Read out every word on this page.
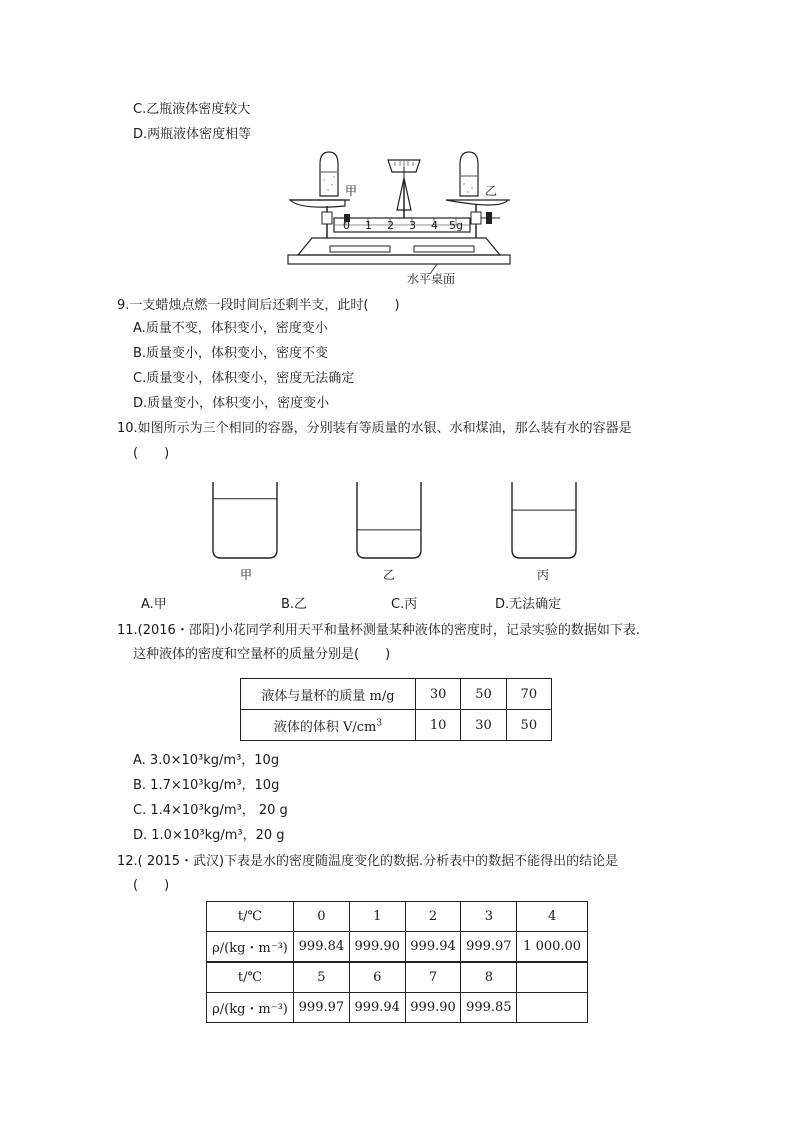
C.乙瓶液体密度较大
D.两瓶液体密度相等
甲	乙
0 1 2 3 4 5g
水平桌面
9.一支蜡烛点燃一段时间后还剩半支，此时(　　)
A.质量不变，体积变小，密度变小
B.质量变小，体积变小，密度不变
C.质量变小，体积变小，密度无法确定
D.质量变小，体积变小，密度变小
10.如图所示为三个相同的容器，分别装有等质量的水银、水和煤油，那么装有水的容器是
(　　)
甲	乙	丙
A.甲	B.乙	C.丙	D.无法确定
11.(2016・邵阳)小花同学利用天平和量杯测量某种液体的密度时，记录实验的数据如下表.
这种液体的密度和空量杯的质量分别是(　　)
液体与量杯的质量 m/g	30	50	70
液体的体积 $V/cm^3$	10	30	50
A. 3.0×10³kg/m³，10g
B. 1.7×10³kg/m³，10g
C. 1.4×10³kg/m³， 20 g
D. 1.0×10³kg/m³，20 g
12.( 2015・武汉)下表是水的密度随温度变化的数据.分析表中的数据不能得出的结论是
(　　)
t/℃	0	1	2	3	4
ρ/(kg・m⁻³)	999.84	999.90	999.94	999.97	1 000.00
t/℃	5	6	7	8	
ρ/(kg・m⁻³)	999.97	999.94	999.90	999.85	
